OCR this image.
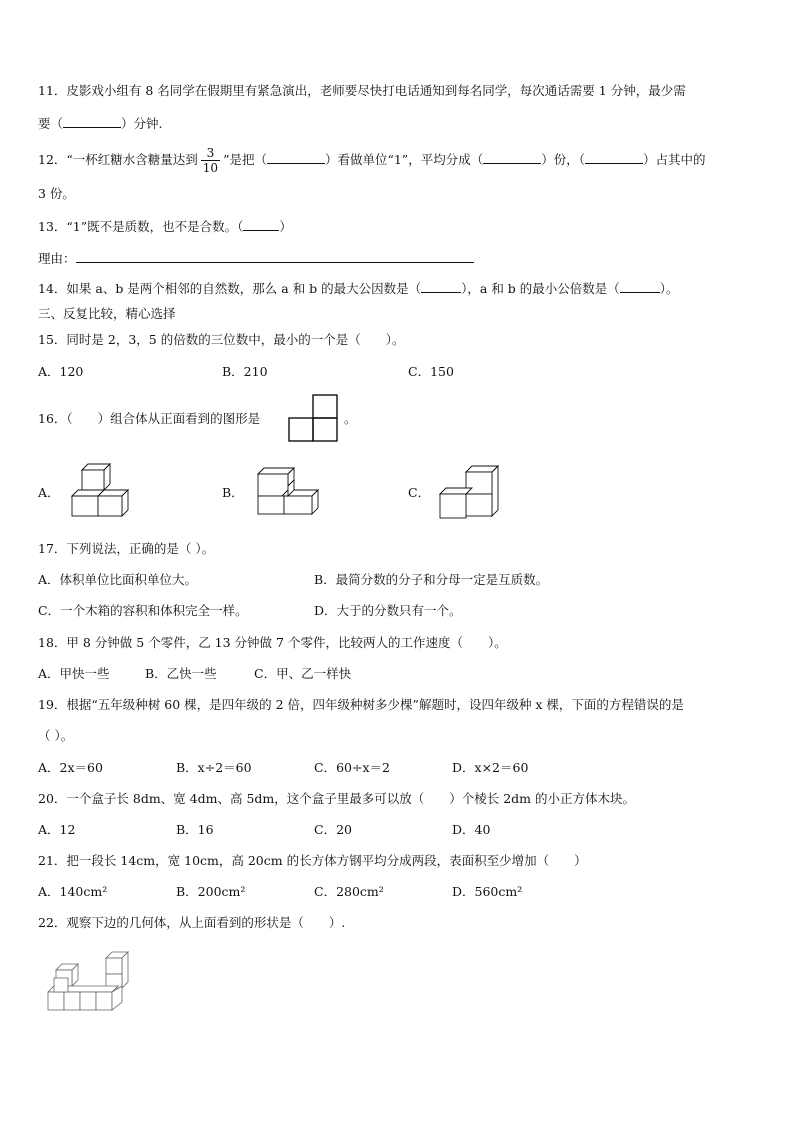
11．皮影戏小组有 8 名同学在假期里有紧急演出，老师要尽快打电话通知到每名同学，每次通话需要 1 分钟，最少需
要（	）分钟.
12．“一杯红糖水含糖量达到 $\frac{3}{10}$ ”是把（	）看做单位“1”，平均分成（	）份，（	）占其中的
3 份。
13．“1”既不是质数，也不是合数。（	）
理由：
14．如果 a、b 是两个相邻的自然数，那么 a 和 b 的最大公因数是（	），a 和 b 的最小公倍数是（	）。
三、反复比较，精心选择
15．同时是 2，3，5 的倍数的三位数中，最小的一个是（　　）。
A．120	B．210	C．150
16．（　　）组合体从正面看到的图形是	。
A．	B．	C．
17．下列说法，正确的是（ ）。
A．体积单位比面积单位大。	B．最简分数的分子和分母一定是互质数。
C．一个木箱的容积和体积完全一样。	D．大于的分数只有一个。
18．甲 8 分钟做 5 个零件，乙 13 分钟做 7 个零件，比较两人的工作速度（　　）。
A．甲快一些	B．乙快一些	C．甲、乙一样快
19．根据“五年级种树 60 棵，是四年级的 2 倍，四年级种树多少棵”解题时，设四年级种 x 棵，下面的方程错误的是
（ ）。
A．2x＝60	B．x÷2＝60	C．60÷x＝2	D．x×2＝60
20．一个盒子长 8dm、宽 4dm、高 5dm，这个盒子里最多可以放（　　）个棱长 2dm 的小正方体木块。
A．12	B．16	C．20	D．40
21．把一段长 14cm，宽 10cm，高 20cm 的长方体方钢平均分成两段，表面积至少增加（　　）
A．140cm²	B．200cm²	C．280cm²	D．560cm²
22．观察下边的几何体，从上面看到的形状是（　　）.
